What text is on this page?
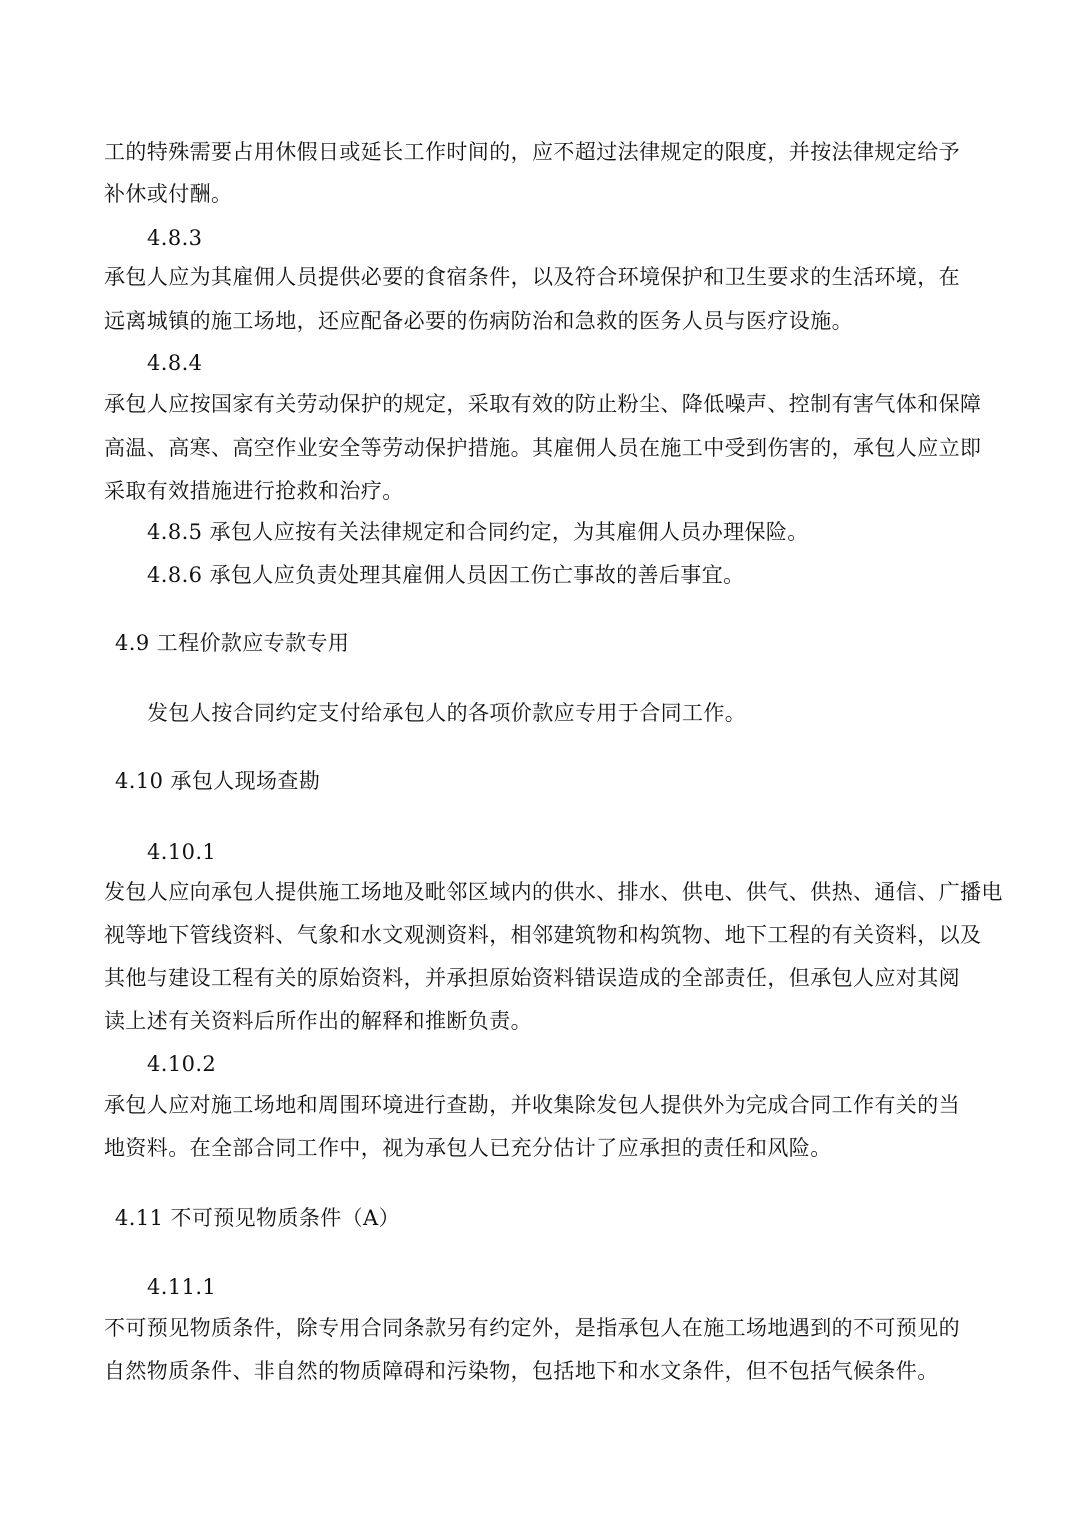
工的特殊需要占用休假日或延长工作时间的，应不超过法律规定的限度，并按法律规定给予
补休或付酬。
4.8.3
承包人应为其雇佣人员提供必要的食宿条件，以及符合环境保护和卫生要求的生活环境，在
远离城镇的施工场地，还应配备必要的伤病防治和急救的医务人员与医疗设施。
4.8.4
承包人应按国家有关劳动保护的规定，采取有效的防止粉尘、降低噪声、控制有害气体和保障
高温、高寒、高空作业安全等劳动保护措施。其雇佣人员在施工中受到伤害的，承包人应立即
采取有效措施进行抢救和治疗。
4.8.5 承包人应按有关法律规定和合同约定，为其雇佣人员办理保险。
4.8.6 承包人应负责处理其雇佣人员因工伤亡事故的善后事宜。
4.9 工程价款应专款专用
发包人按合同约定支付给承包人的各项价款应专用于合同工作。
4.10 承包人现场查勘
4.10.1
发包人应向承包人提供施工场地及毗邻区域内的供水、排水、供电、供气、供热、通信、广播电
视等地下管线资料、气象和水文观测资料，相邻建筑物和构筑物、地下工程的有关资料，以及
其他与建设工程有关的原始资料，并承担原始资料错误造成的全部责任，但承包人应对其阅
读上述有关资料后所作出的解释和推断负责。
4.10.2
承包人应对施工场地和周围环境进行查勘，并收集除发包人提供外为完成合同工作有关的当
地资料。在全部合同工作中，视为承包人已充分估计了应承担的责任和风险。
4.11 不可预见物质条件（A）
4.11.1
不可预见物质条件，除专用合同条款另有约定外，是指承包人在施工场地遇到的不可预见的
自然物质条件、非自然的物质障碍和污染物，包括地下和水文条件，但不包括气候条件。
